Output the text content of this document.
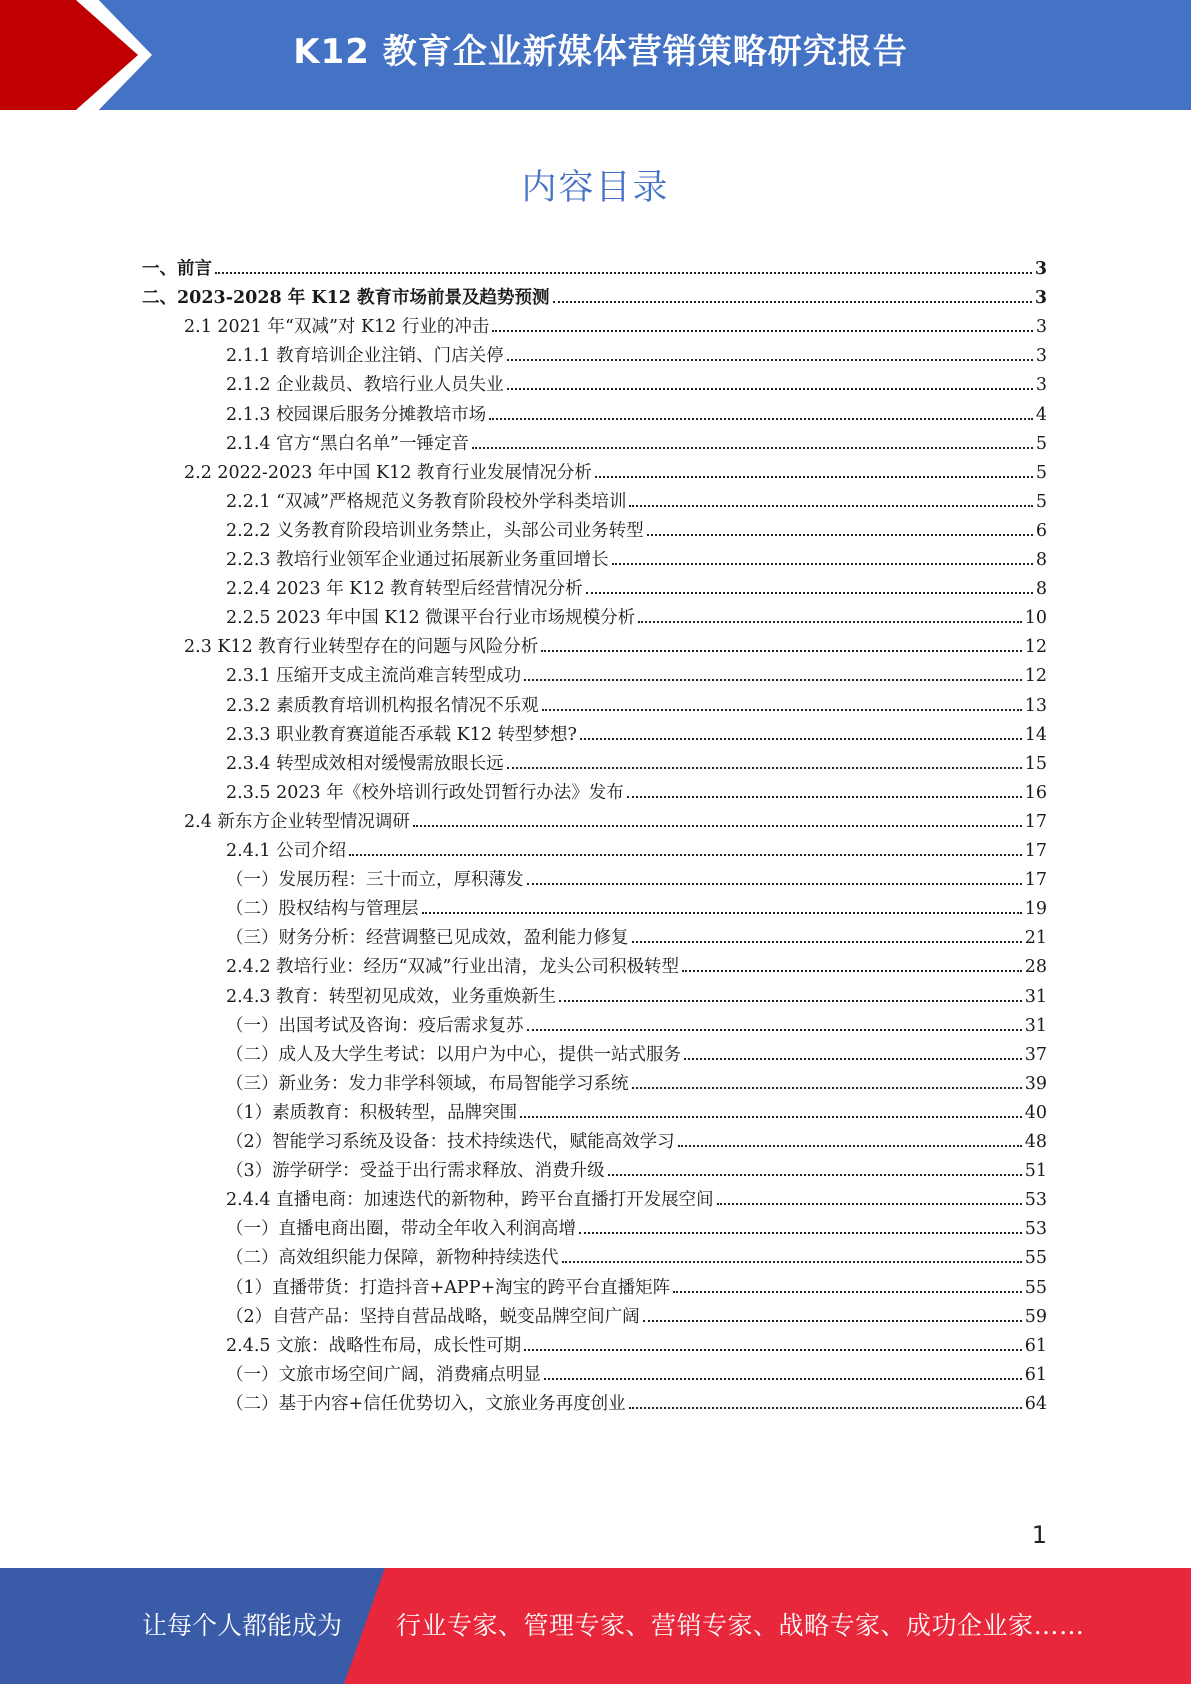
K12 教育企业新媒体营销策略研究报告
内容目录
一、前言	3
二、2023-2028 年 K12 教育市场前景及趋势预测	3
2.1 2021 年“双减”对 K12 行业的冲击	3
2.1.1 教育培训企业注销、门店关停	3
2.1.2 企业裁员、教培行业人员失业	3
2.1.3 校园课后服务分摊教培市场	4
2.1.4 官方“黑白名单”一锤定音	5
2.2 2022-2023 年中国 K12 教育行业发展情况分析	5
2.2.1 “双减”严格规范义务教育阶段校外学科类培训	5
2.2.2 义务教育阶段培训业务禁止，头部公司业务转型	6
2.2.3 教培行业领军企业通过拓展新业务重回增长	8
2.2.4 2023 年 K12 教育转型后经营情况分析	8
2.2.5 2023 年中国 K12 微课平台行业市场规模分析	10
2.3 K12 教育行业转型存在的问题与风险分析	12
2.3.1 压缩开支成主流尚难言转型成功	12
2.3.2 素质教育培训机构报名情况不乐观	13
2.3.3 职业教育赛道能否承载 K12 转型梦想?	14
2.3.4 转型成效相对缓慢需放眼长远	15
2.3.5 2023 年《校外培训行政处罚暂行办法》发布	16
2.4 新东方企业转型情况调研	17
2.4.1 公司介绍	17
（一）发展历程：三十而立，厚积薄发	17
（二）股权结构与管理层	19
（三）财务分析：经营调整已见成效，盈利能力修复	21
2.4.2 教培行业：经历“双减”行业出清，龙头公司积极转型	28
2.4.3 教育：转型初见成效，业务重焕新生	31
（一）出国考试及咨询：疫后需求复苏	31
（二）成人及大学生考试：以用户为中心，提供一站式服务	37
（三）新业务：发力非学科领域，布局智能学习系统	39
（1）素质教育：积极转型，品牌突围	40
（2）智能学习系统及设备：技术持续迭代，赋能高效学习	48
（3）游学研学：受益于出行需求释放、消费升级	51
2.4.4 直播电商：加速迭代的新物种，跨平台直播打开发展空间	53
（一）直播电商出圈，带动全年收入利润高增	53
（二）高效组织能力保障，新物种持续迭代	55
（1）直播带货：打造抖音+APP+淘宝的跨平台直播矩阵	55
（2）自营产品：坚持自营品战略，蜕变品牌空间广阔	59
2.4.5 文旅：战略性布局，成长性可期	61
（一）文旅市场空间广阔，消费痛点明显	61
（二）基于内容+信任优势切入，文旅业务再度创业	64
1
让每个人都能成为 行业专家、管理专家、营销专家、战略专家、成功企业家……
